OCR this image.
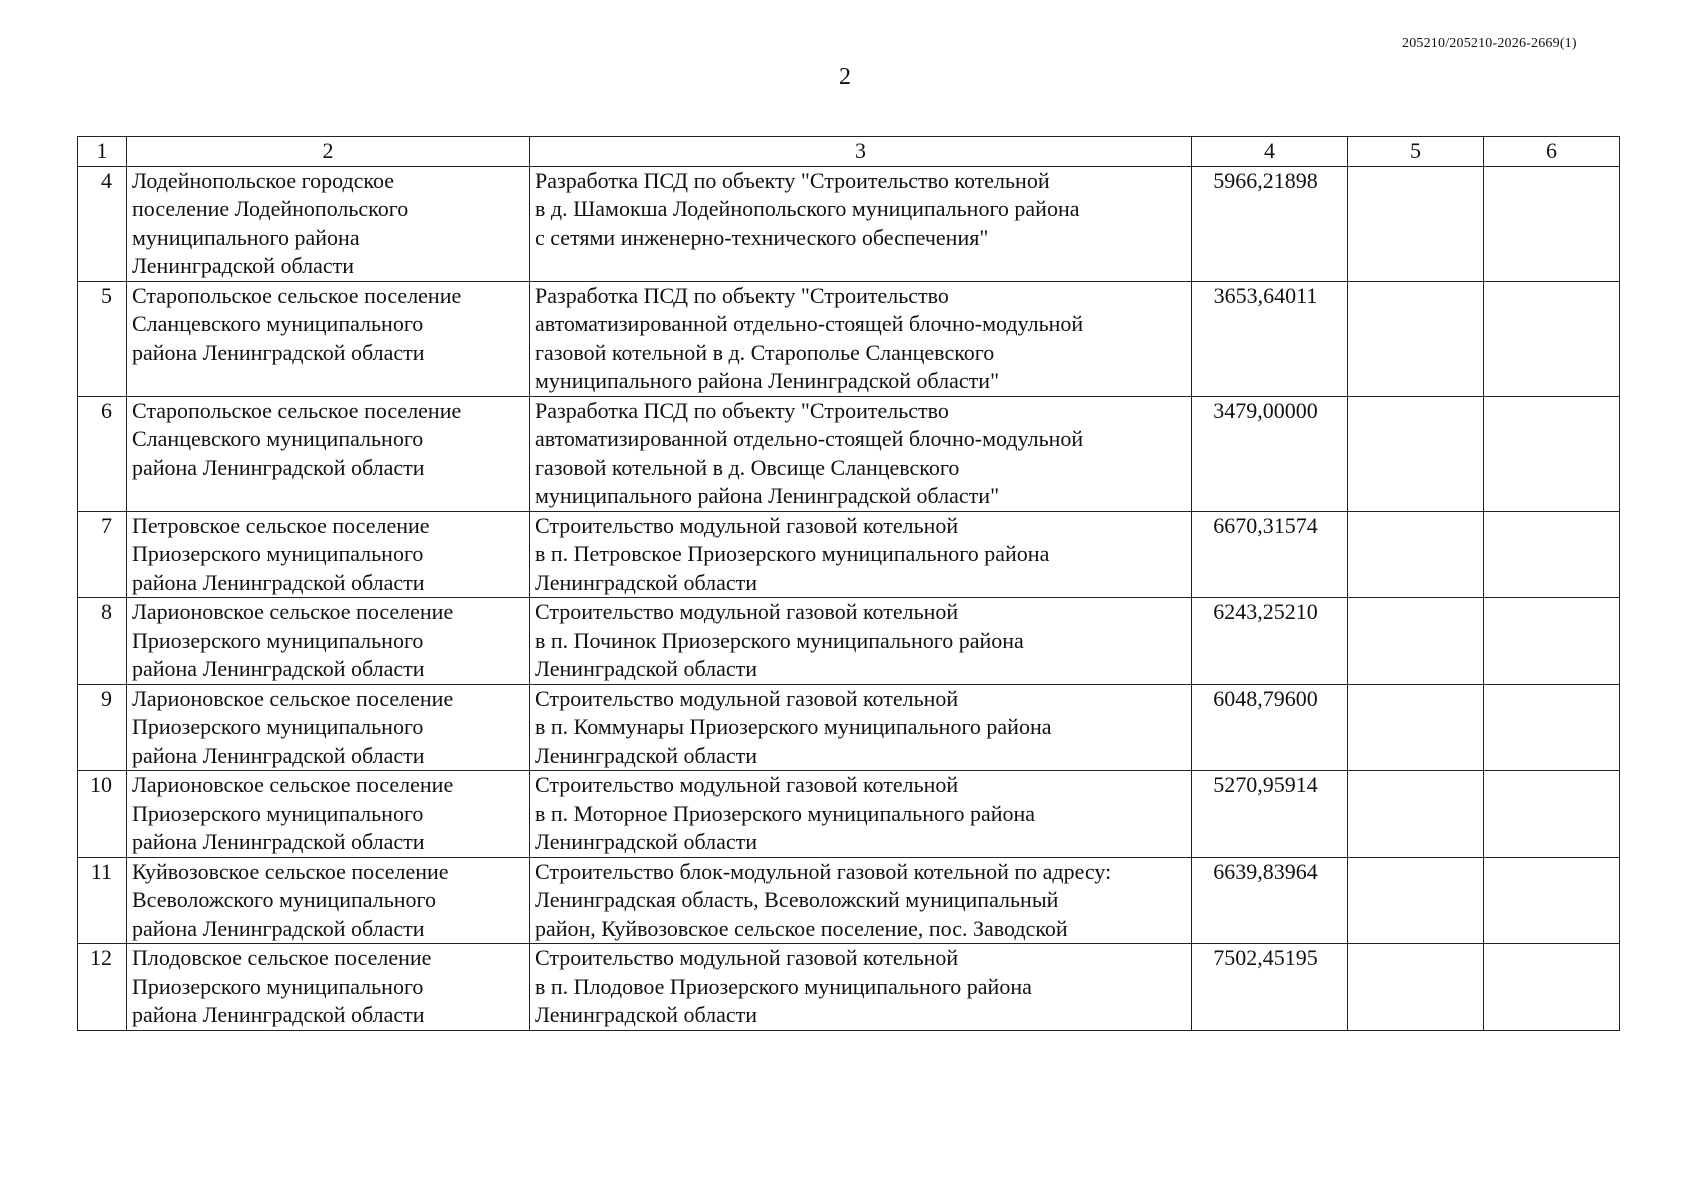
205210/205210-2026-2669(1)
2
1	2	3	4	5	6
4	Лодейнопольское городское
поселение Лодейнопольского
муниципального района
Ленинградской области	Разработка ПСД по объекту "Строительство котельной
в д. Шамокша Лодейнопольского муниципального района
с сетями инженерно-технического обеспечения"	5966,21898		
5	Старопольское сельское поселение
Сланцевского муниципального
района Ленинградской области	Разработка ПСД по объекту "Строительство
автоматизированной отдельно-стоящей блочно-модульной
газовой котельной в д. Старополье Сланцевского
муниципального района Ленинградской области"	3653,64011		
6	Старопольское сельское поселение
Сланцевского муниципального
района Ленинградской области	Разработка ПСД по объекту "Строительство
автоматизированной отдельно-стоящей блочно-модульной
газовой котельной в д. Овсище Сланцевского
муниципального района Ленинградской области"	3479,00000		
7	Петровское сельское поселение
Приозерского муниципального
района Ленинградской области	Строительство модульной газовой котельной
в п. Петровское Приозерского муниципального района
Ленинградской области	6670,31574		
8	Ларионовское сельское поселение
Приозерского муниципального
района Ленинградской области	Строительство модульной газовой котельной
в п. Починок Приозерского муниципального района
Ленинградской области	6243,25210		
9	Ларионовское сельское поселение
Приозерского муниципального
района Ленинградской области	Строительство модульной газовой котельной
в п. Коммунары Приозерского муниципального района
Ленинградской области	6048,79600		
10	Ларионовское сельское поселение
Приозерского муниципального
района Ленинградской области	Строительство модульной газовой котельной
в п. Моторное Приозерского муниципального района
Ленинградской области	5270,95914		
11	Куйвозовское сельское поселение
Всеволожского муниципального
района Ленинградской области	Строительство блок-модульной газовой котельной по адресу:
Ленинградская область, Всеволожский муниципальный
район, Куйвозовское сельское поселение, пос. Заводской	6639,83964		
12	Плодовское сельское поселение
Приозерского муниципального
района Ленинградской области	Строительство модульной газовой котельной
в п. Плодовое Приозерского муниципального района
Ленинградской области	7502,45195		
